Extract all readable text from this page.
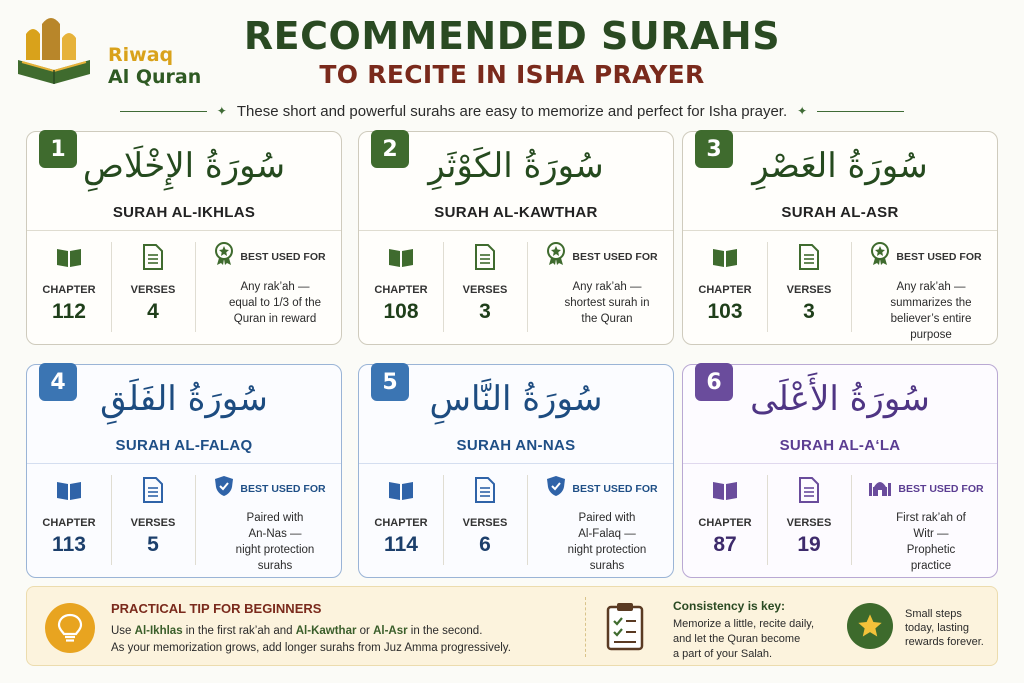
Riwaq
Al Quran
RECOMMENDED SURAHS
TO RECITE IN ISHA PRAYER
✦ These short and powerful surahs are easy to memorize and perfect for Isha prayer. ✦
1 سُورَةُ الإِخْلَاصِ
SURAH AL-IKHLAS
CHAPTER
112
VERSES
4
BEST USED FOR
Any rak’ah —
equal to 1/3 of the
Quran in reward
2 سُورَةُ الكَوْثَرِ
SURAH AL-KAWTHAR
CHAPTER
108
VERSES
3
BEST USED FOR
Any rak’ah —
shortest surah in
the Quran
3 سُورَةُ العَصْرِ
SURAH AL-ASR
CHAPTER
103
VERSES
3
BEST USED FOR
Any rak’ah —
summarizes the
believer’s entire
purpose
4	سُورَةُ الفَلَقِ
SURAH AL-FALAQ
CHAPTER
113
VERSES
5
BEST USED FOR
Paired with
An-Nas —
night protection
surahs
5 سُورَةُ النَّاسِ
SURAH AN-NAS
CHAPTER
114
VERSES
6
BEST USED FOR
Paired with
Al-Falaq —
night protection
surahs
6 سُورَةُ الأَعْلَى
SURAH AL-A‘LA
CHAPTER
87
VERSES
19
BEST USED FOR
First rak’ah of
Witr —
Prophetic
practice
PRACTICAL TIP FOR BEGINNERS
Use Al-Ikhlas in the first rak’ah and Al-Kawthar or Al-Asr in the second.
As your memorization grows, add longer surahs from Juz Amma progressively.
Consistency is key:
Memorize a little, recite daily,
and let the Quran become
a part of your Salah.
Small steps
today, lasting
rewards forever.
